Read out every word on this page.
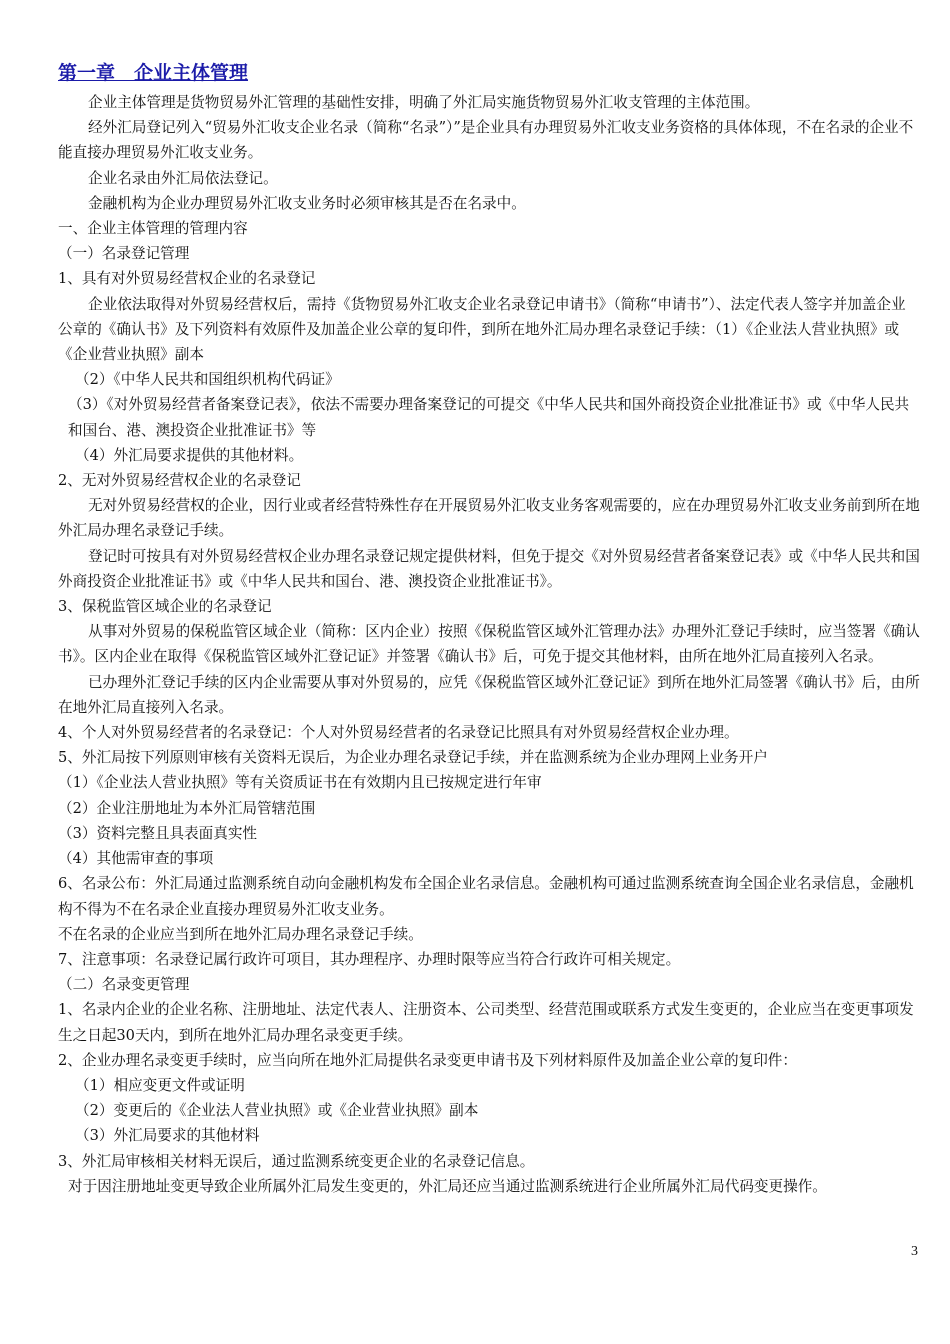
第一章　企业主体管理

企业主体管理是货物贸易外汇管理的基础性安排，明确了外汇局实施货物贸易外汇收支管理的主体范围。

经外汇局登记列入“贸易外汇收支企业名录（简称“名录”）”是企业具有办理贸易外汇收支业务资格的具体体现，不在名录的企业不能直接办理贸易外汇收支业务。

企业名录由外汇局依法登记。

金融机构为企业办理贸易外汇收支业务时必须审核其是否在名录中。

一、企业主体管理的管理内容

（一）名录登记管理

1、具有对外贸易经营权企业的名录登记

企业依法取得对外贸易经营权后，需持《货物贸易外汇收支企业名录登记申请书》（简称“申请书”）、法定代表人签字并加盖企业公章的《确认书》及下列资料有效原件及加盖企业公章的复印件，到所在地外汇局办理名录登记手续：（1）《企业法人营业执照》或《企业营业执照》副本

（2）《中华人民共和国组织机构代码证》

（3）《对外贸易经营者备案登记表》，依法不需要办理备案登记的可提交《中华人民共和国外商投资企业批准证书》或《中华人民共和国台、港、澳投资企业批准证书》等

（4）外汇局要求提供的其他材料。

2、无对外贸易经营权企业的名录登记

无对外贸易经营权的企业，因行业或者经营特殊性存在开展贸易外汇收支业务客观需要的，应在办理贸易外汇收支业务前到所在地外汇局办理名录登记手续。

登记时可按具有对外贸易经营权企业办理名录登记规定提供材料，但免于提交《对外贸易经营者备案登记表》或《中华人民共和国外商投资企业批准证书》或《中华人民共和国台、港、澳投资企业批准证书》。

3、保税监管区域企业的名录登记

从事对外贸易的保税监管区域企业（简称：区内企业）按照《保税监管区域外汇管理办法》办理外汇登记手续时，应当签署《确认书》。区内企业在取得《保税监管区域外汇登记证》并签署《确认书》后，可免于提交其他材料，由所在地外汇局直接列入名录。

已办理外汇登记手续的区内企业需要从事对外贸易的，应凭《保税监管区域外汇登记证》到所在地外汇局签署《确认书》后，由所在地外汇局直接列入名录。

4、个人对外贸易经营者的名录登记：个人对外贸易经营者的名录登记比照具有对外贸易经营权企业办理。

5、外汇局按下列原则审核有关资料无误后，为企业办理名录登记手续，并在监测系统为企业办理网上业务开户

（1）《企业法人营业执照》等有关资质证书在有效期内且已按规定进行年审

（2）企业注册地址为本外汇局管辖范围

（3）资料完整且具表面真实性

（4）其他需审查的事项

6、名录公布：外汇局通过监测系统自动向金融机构发布全国企业名录信息。金融机构可通过监测系统查询全国企业名录信息，金融机构不得为不在名录企业直接办理贸易外汇收支业务。

不在名录的企业应当到所在地外汇局办理名录登记手续。

7、注意事项：名录登记属行政许可项目，其办理程序、办理时限等应当符合行政许可相关规定。

（二）名录变更管理

1、名录内企业的企业名称、注册地址、法定代表人、注册资本、公司类型、经营范围或联系方式发生变更的，企业应当在变更事项发生之日起30天内，到所在地外汇局办理名录变更手续。

2、企业办理名录变更手续时，应当向所在地外汇局提供名录变更申请书及下列材料原件及加盖企业公章的复印件：

（1）相应变更文件或证明

（2）变更后的《企业法人营业执照》或《企业营业执照》副本

（3）外汇局要求的其他材料

3、外汇局审核相关材料无误后，通过监测系统变更企业的名录登记信息。

对于因注册地址变更导致企业所属外汇局发生变更的，外汇局还应当通过监测系统进行企业所属外汇局代码变更操作。

3
